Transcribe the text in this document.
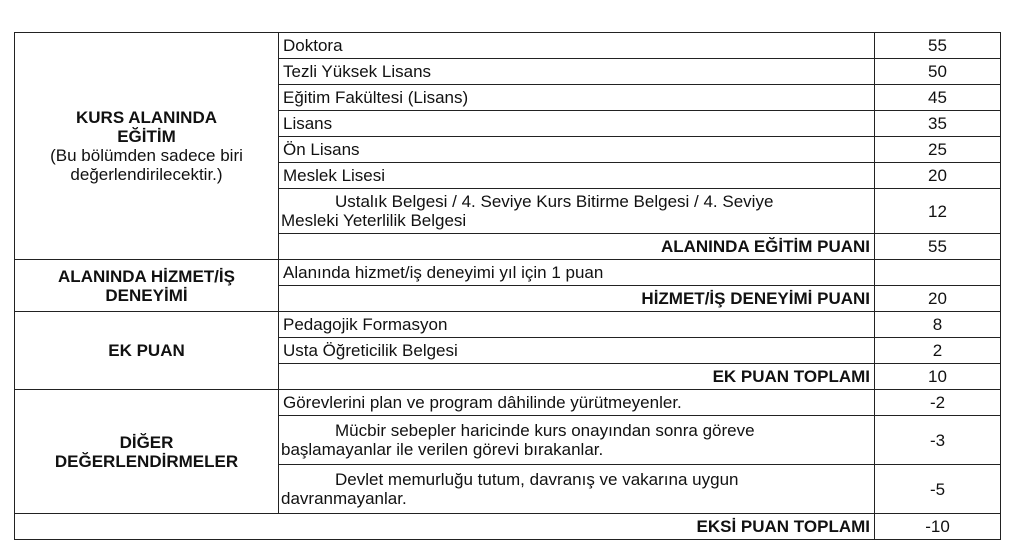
KURS ALANINDA
EĞİTİM
(Bu bölümden sadece biri değerlendirilecektir.)	Doktora	55
	Tezli Yüksek Lisans	50
	Eğitim Fakültesi (Lisans)	45
	Lisans	35
	Ön Lisans	25
	Meslek Lisesi	20

	Ustalık Belgesi / 4. Seviye Kurs Bitirme Belgesi / 4. Seviye
Mesleki Yeterlilik Belgesi	12
	ALANINDA EĞİTİM PUANI	55

ALANINDA HİZMET/İŞ
DENEYİMİ	Alanında hizmet/iş deneyimi yıl için 1 puan	
	HİZMET/İŞ DENEYİMİ PUANI	20
EK PUAN	Pedagojik Formasyon	8
	Usta Öğreticilik Belgesi	2
	EK PUAN TOPLAMI	10

DİĞER
DEĞERLENDİRMELER	Görevlerini plan ve program dâhilinde yürütmeyenler.	-2

	Mücbir sebepler haricinde kurs onayından sonra göreve
başlamayanlar ile verilen görevi bırakanlar.	-3

	Devlet memurluğu tutum, davranış ve vakarına uygun
davranmayanlar.	-5
EKSİ PUAN TOPLAMI		-10
